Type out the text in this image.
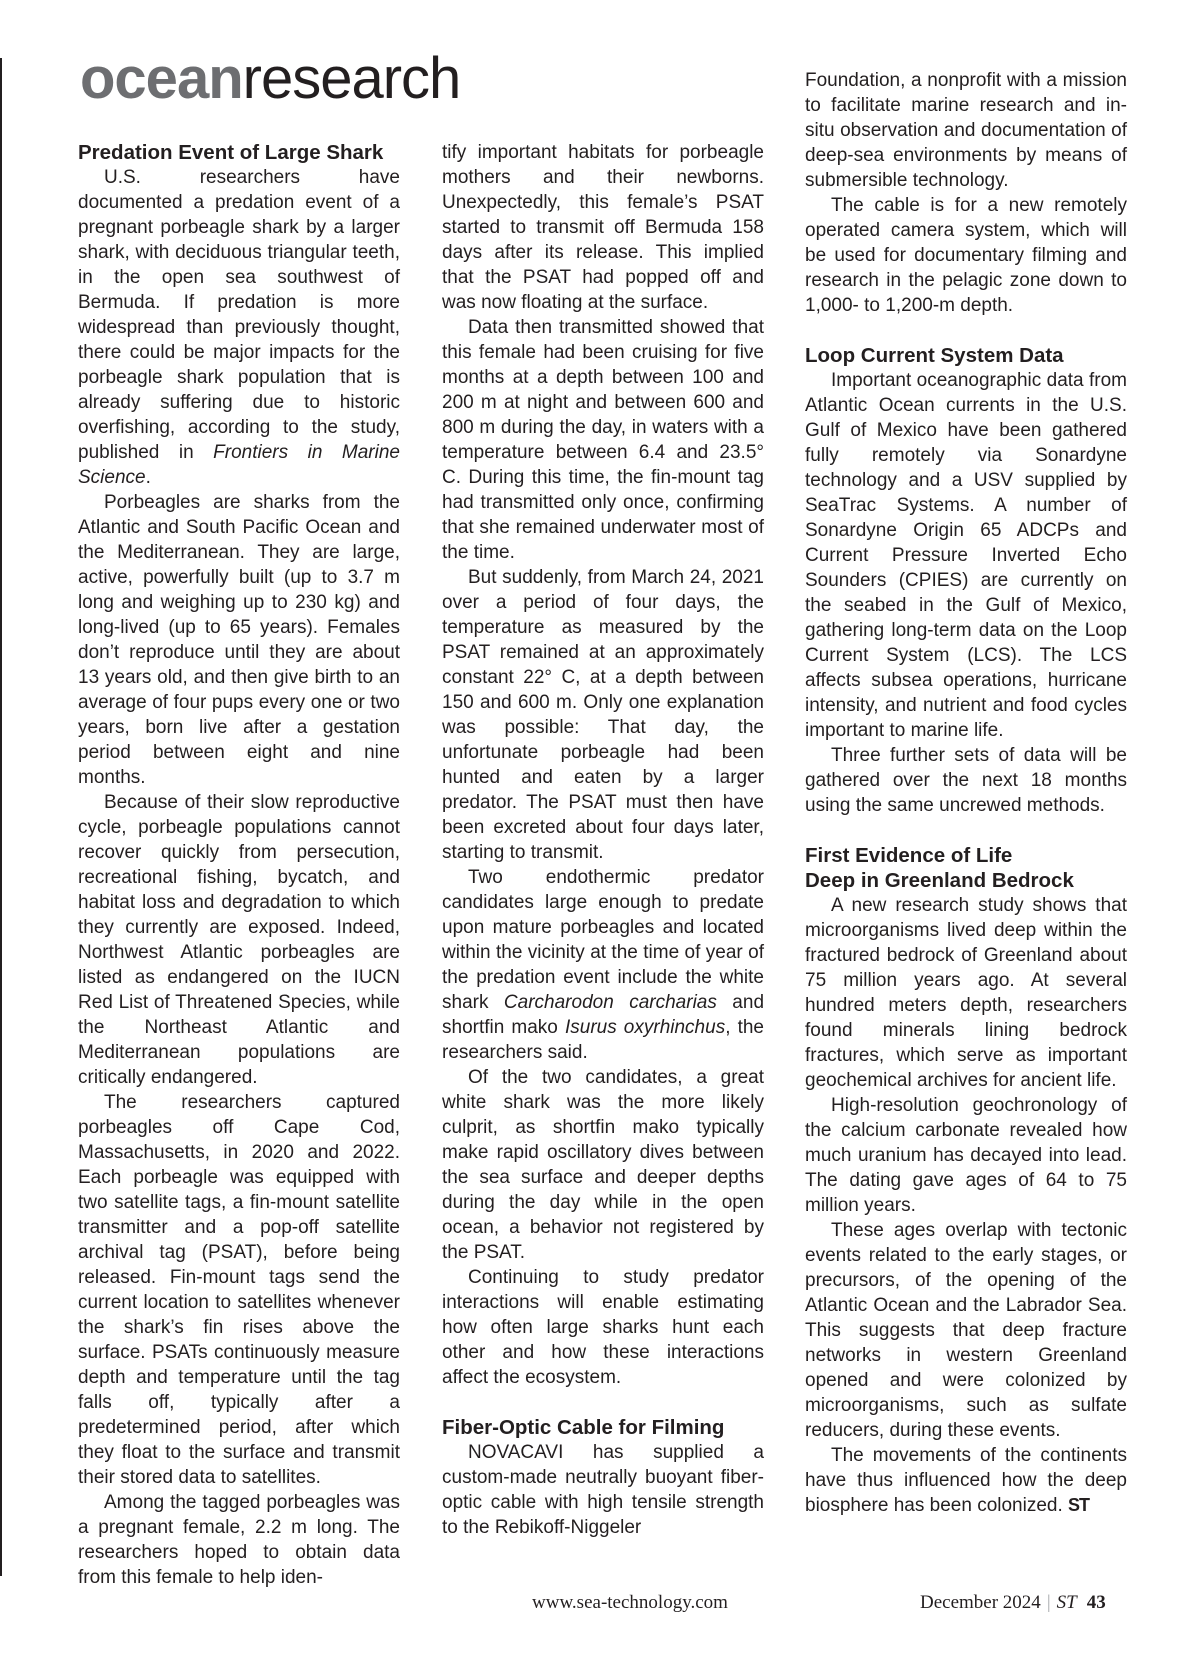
oceanresearch
Predation Event of Large Shark

U.S. researchers have documented a predation event of a pregnant porbeagle shark by a larger shark, with deciduous triangular teeth, in the open sea southwest of Bermuda. If predation is more widespread than previously thought, there could be major impacts for the porbeagle shark population that is already suffering due to historic overfishing, according to the study, published in Frontiers in Marine Science.

Porbeagles are sharks from the Atlantic and South Pacific Ocean and the Mediterranean. They are large, active, powerfully built (up to 3.7 m long and weighing up to 230 kg) and long-lived (up to 65 years). Females don’t reproduce until they are about 13 years old, and then give birth to an average of four pups every one or two years, born live after a gestation period between eight and nine months.

Because of their slow reproductive cycle, porbeagle populations cannot recover quickly from persecution, recreational fishing, bycatch, and habitat loss and degradation to which they currently are exposed. Indeed, Northwest Atlantic porbeagles are listed as endangered on the IUCN Red List of Threatened Species, while the Northeast Atlantic and Mediterranean populations are critically endangered.

The researchers captured porbeagles off Cape Cod, Massachusetts, in 2020 and 2022. Each porbeagle was equipped with two satellite tags, a fin-mount satellite transmitter and a pop-off satellite archival tag (PSAT), before being released. Fin-mount tags send the current location to satellites whenever the shark’s fin rises above the surface. PSATs continuously measure depth and temperature until the tag falls off, typically after a predetermined period, after which they float to the surface and transmit their stored data to satellites.

Among the tagged porbeagles was a pregnant female, 2.2 m long. The researchers hoped to obtain data from this female to help iden-

tify important habitats for porbeagle mothers and their newborns. Unexpectedly, this female’s PSAT started to transmit off Bermuda 158 days after its release. This implied that the PSAT had popped off and was now floating at the surface.

Data then transmitted showed that this female had been cruising for five months at a depth between 100 and 200 m at night and between 600 and 800 m during the day, in waters with a temperature between 6.4 and 23.5° C. During this time, the fin-mount tag had transmitted only once, confirming that she remained underwater most of the time.

But suddenly, from March 24, 2021 over a period of four days, the temperature as measured by the PSAT remained at an approximately constant 22° C, at a depth between 150 and 600 m. Only one explanation was possible: That day, the unfortunate porbeagle had been hunted and eaten by a larger predator. The PSAT must then have been excreted about four days later, starting to transmit.

Two endothermic predator candidates large enough to predate upon mature porbeagles and located within the vicinity at the time of year of the predation event include the white shark Carcharodon carcharias and shortfin mako Isurus oxyrhinchus, the researchers said.

Of the two candidates, a great white shark was the more likely culprit, as shortfin mako typically make rapid oscillatory dives between the sea surface and deeper depths during the day while in the open ocean, a behavior not registered by the PSAT.

Continuing to study predator interactions will enable estimating how often large sharks hunt each other and how these interactions affect the ecosystem.

Fiber-Optic Cable for Filming

NOVACAVI has supplied a custom-made neutrally buoyant fiber-optic cable with high tensile strength to the Rebikoff-Niggeler

Foundation, a nonprofit with a mission to facilitate marine research and in-situ observation and documentation of deep-sea environments by means of submersible technology.

The cable is for a new remotely operated camera system, which will be used for documentary filming and research in the pelagic zone down to 1,000- to 1,200-m depth.

Loop Current System Data

Important oceanographic data from Atlantic Ocean currents in the U.S. Gulf of Mexico have been gathered fully remotely via Sonardyne technology and a USV supplied by SeaTrac Systems. A number of Sonardyne Origin 65 ADCPs and Current Pressure Inverted Echo Sounders (CPIES) are currently on the seabed in the Gulf of Mexico, gathering long-term data on the Loop Current System (LCS). The LCS affects subsea operations, hurricane intensity, and nutrient and food cycles important to marine life.

Three further sets of data will be gathered over the next 18 months using the same uncrewed methods.

First Evidence of Life
Deep in Greenland Bedrock

A new research study shows that microorganisms lived deep within the fractured bedrock of Greenland about 75 million years ago. At several hundred meters depth, researchers found minerals lining bedrock fractures, which serve as important geochemical archives for ancient life.

High-resolution geochronology of the calcium carbonate revealed how much uranium has decayed into lead. The dating gave ages of 64 to 75 million years.

These ages overlap with tectonic events related to the early stages, or precursors, of the opening of the Atlantic Ocean and the Labrador Sea. This suggests that deep fracture networks in western Greenland opened and were colonized by microorganisms, such as sulfate reducers, during these events.

The movements of the continents have thus influenced how the deep biosphere has been colonized. ST

www.sea-technology.com	December 2024 | ST 43
